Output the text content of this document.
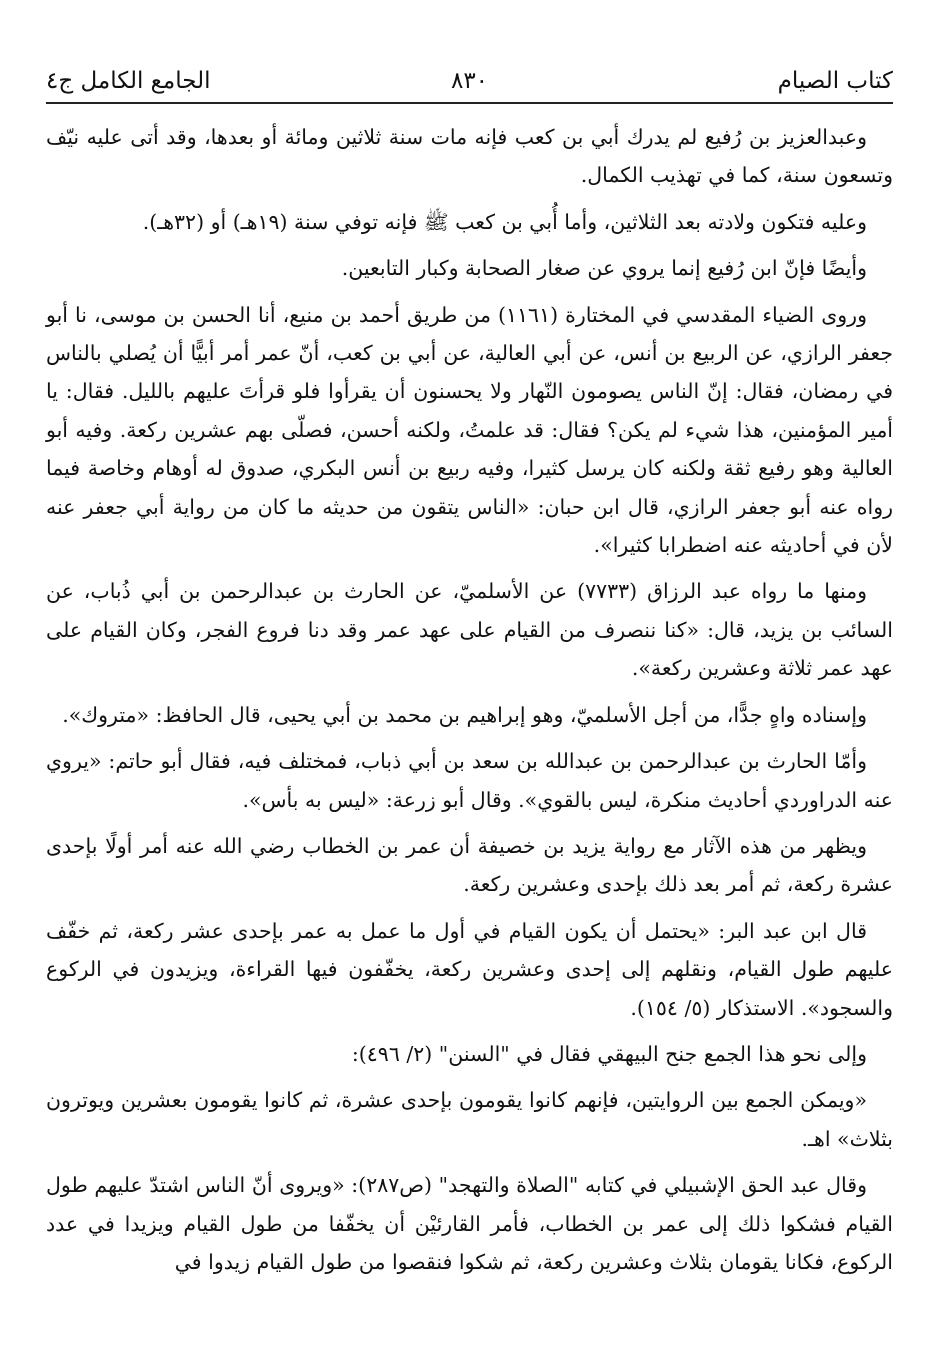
كتاب الصيام
٨٣٠
الجامع الكامل ج٤

وعبدالعزيز بن رُفيع لم يدرك أبي بن كعب فإنه مات سنة ثلاثين ومائة أو بعدها، وقد أتى عليه نيّف وتسعون سنة، كما في تهذيب الكمال.

وعليه فتكون ولادته بعد الثلاثين، وأما أُبي بن كعب ﷺ فإنه توفي سنة (١٩هـ) أو (٣٢هـ).

وأيضًا فإنّ ابن رُفيع إنما يروي عن صغار الصحابة وكبار التابعين.

وروى الضياء المقدسي في المختارة (١١٦١) من طريق أحمد بن منيع، أنا الحسن بن موسى، نا أبو جعفر الرازي، عن الربيع بن أنس، عن أبي العالية، عن أبي بن كعب، أنّ عمر أمر أبيًّا أن يُصلي بالناس في رمضان، فقال: إنّ الناس يصومون النّهار ولا يحسنون أن يقرأوا فلو قرأتَ عليهم بالليل. فقال: يا أمير المؤمنين، هذا شيء لم يكن؟ فقال: قد علمتُ، ولكنه أحسن، فصلّى بهم عشرين ركعة. وفيه أبو العالية وهو رفيع ثقة ولكنه كان يرسل كثيرا، وفيه ربيع بن أنس البكري، صدوق له أوهام وخاصة فيما رواه عنه أبو جعفر الرازي، قال ابن حبان: «الناس يتقون من حديثه ما كان من رواية أبي جعفر عنه لأن في أحاديثه عنه اضطرابا كثيرا».

ومنها ما رواه عبد الرزاق (٧٧٣٣) عن الأسلميّ، عن الحارث بن عبدالرحمن بن أبي ذُباب، عن السائب بن يزيد، قال: «كنا ننصرف من القيام على عهد عمر وقد دنا فروع الفجر، وكان القيام على عهد عمر ثلاثة وعشرين ركعة».

وإسناده واهٍ جدًّا، من أجل الأسلميّ، وهو إبراهيم بن محمد بن أبي يحيى، قال الحافظ: «متروك».

وأمّا الحارث بن عبدالرحمن بن عبدالله بن سعد بن أبي ذباب، فمختلف فيه، فقال أبو حاتم: «يروي عنه الدراوردي أحاديث منكرة، ليس بالقوي». وقال أبو زرعة: «ليس به بأس».

ويظهر من هذه الآثار مع رواية يزيد بن خصيفة أن عمر بن الخطاب رضي الله عنه أمر أولًا بإحدى عشرة ركعة، ثم أمر بعد ذلك بإحدى وعشرين ركعة.

قال ابن عبد البر: «يحتمل أن يكون القيام في أول ما عمل به عمر بإحدى عشر ركعة، ثم خفّف عليهم طول القيام، ونقلهم إلى إحدى وعشرين ركعة، يخفّفون فيها القراءة، ويزيدون في الركوع والسجود». الاستذكار (٥/ ١٥٤).

وإلى نحو هذا الجمع جنح البيهقي فقال في "السنن" (٢/ ٤٩٦):

«ويمكن الجمع بين الروايتين، فإنهم كانوا يقومون بإحدى عشرة، ثم كانوا يقومون بعشرين ويوترون بثلاث» اهـ.

وقال عبد الحق الإشبيلي في كتابه "الصلاة والتهجد" (ص٢٨٧): «ويروى أنّ الناس اشتدّ عليهم طول القيام فشكوا ذلك إلى عمر بن الخطاب، فأمر القارئيْن أن يخفّفا من طول القيام ويزيدا في عدد الركوع، فكانا يقومان بثلاث وعشرين ركعة، ثم شكوا فنقصوا من طول القيام زيدوا في
